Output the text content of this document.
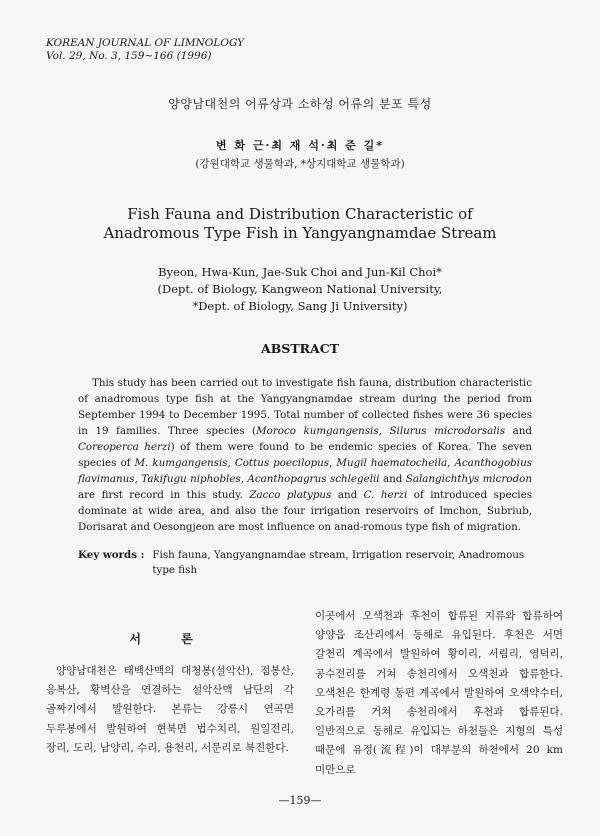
KOREAN JOURNAL OF LIMNOLOGY
Vol. 29, No. 3, 159~166 (1996)
양양남대천의 어류상과 소하성 어류의 분포 특성
변 화 근·최 재 석·최 준 길*
(강원대학교 생물학과, *상지대학교 생물학과)
Fish Fauna and Distribution Characteristic of
Anadromous Type Fish in Yangyangnamdae Stream
Byeon, Hwa-Kun, Jae-Suk Choi and Jun-Kil Choi*
(Dept. of Biology, Kangweon National University,
*Dept. of Biology, Sang Ji University)
ABSTRACT

This study has been carried out to investigate fish fauna, distribution characteristic of anadromous type fish at the Yangyangnamdae stream during the period from September 1994 to December 1995. Total number of collected fishes were 36 species in 19 families. Three species (Moroco kumgangensis, Silurus microdorsalis and Coreoperca herzi) of them were found to be endemic species of Korea. The seven species of M. kumgangensis, Cottus poecilopus, Mugil haematocheila, Acanthogobius flavimanus, Takifugu niphobles, Acanthopagrus schlegelii and Salangichthys microdon are first record in this study. Zacco platypus and C. herzi of introduced species dominate at wide area, and also the four irrigation reservoirs of Imchon, Subriub, Dorisarat and Oesongjeon are most influence on anad-romous type fish of migration.

Key words : Fish fauna, Yangyangnamdae stream, Irrigation reservoir, Anadromous type fish
서 론

양양남대천은 태백산맥의 대청봉(설악산), 점봉산, 응복산, 황벽산을 연결하는 설악산맥 남단의 각 골짜기에서 발원한다. 본류는 강릉시 연곡면 두루봉에서 발원하여 현북면 법수치리, 원일전리, 장리, 도리, 남양리, 수리, 용천리, 서문리로 북진한다.

이곳에서 오색천과 후천이 합류된 지류와 합류하여 양양읍 조산리에서 동해로 유입된다. 후천은 서면 갈천리 계곡에서 발원하여 황이리, 서림리, 영덕리, 공수전리를 거쳐 송천리에서 오색천과 합류한다. 오색천은 한계령 동편 계곡에서 발원하여 오색약수터, 오가리를 거쳐 송천리에서 후천과 합류된다. 일반적으로 동해로 유입되는 하천들은 지형의 특성 때문에 유정(流程)이 대부분의 하천에서 20 km 미만으로

—159—
